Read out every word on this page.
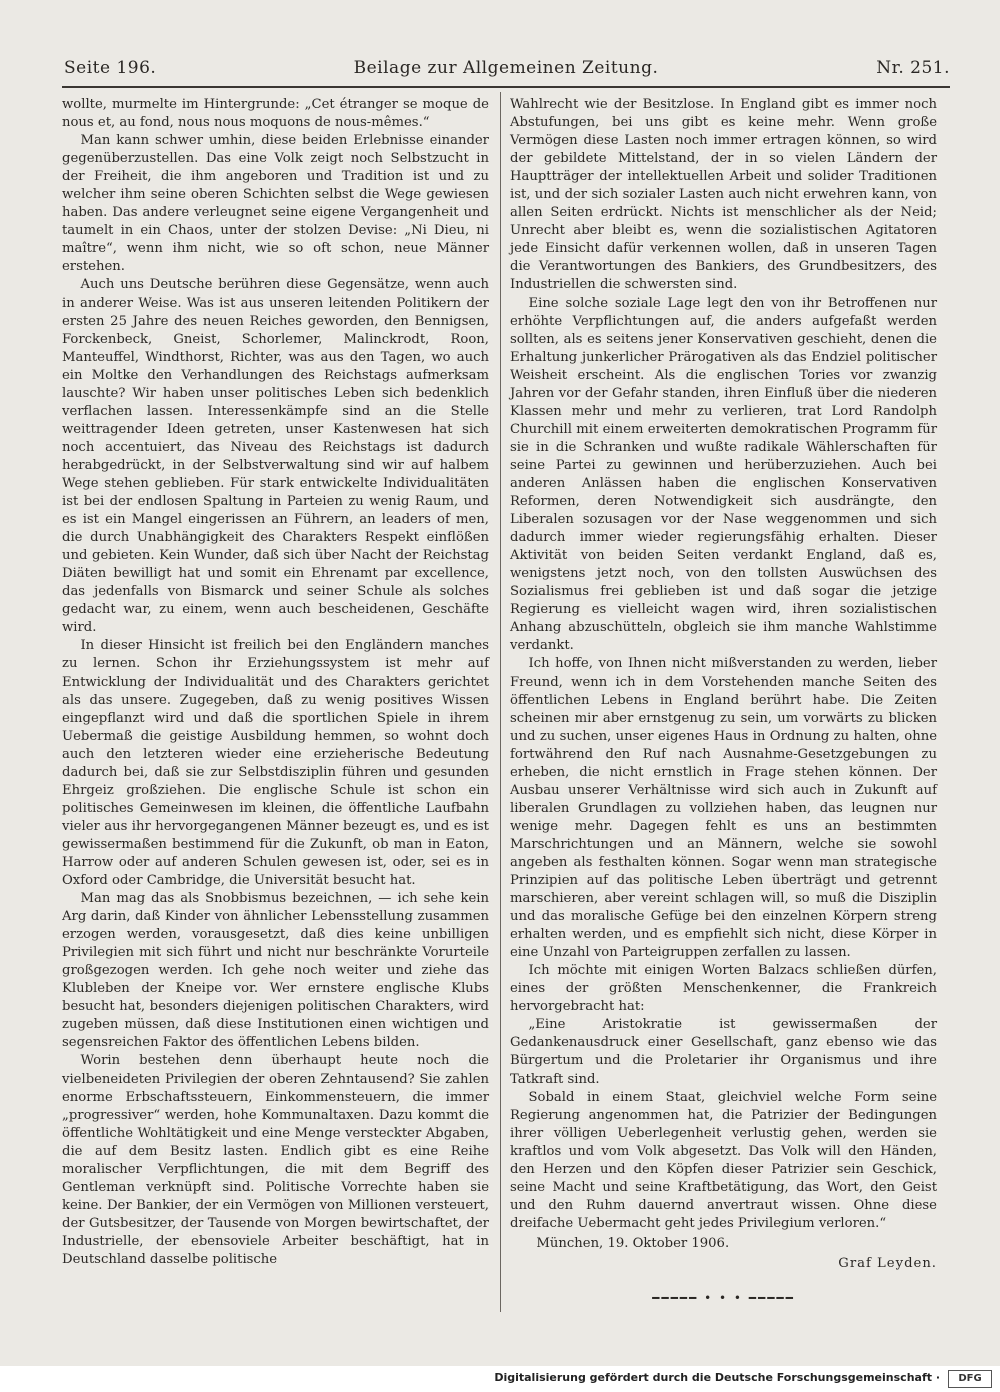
Seite 196.	Beilage zur Allgemeinen Zeitung.	Nr. 251.

wollte, murmelte im Hintergrunde: „Cet étranger se moque de nous et, au fond, nous nous moquons de nous-mêmes.“

Man kann schwer umhin, diese beiden Erlebnisse einander gegenüberzustellen. Das eine Volk zeigt noch Selbstzucht in der Freiheit, die ihm angeboren und Tradition ist und zu welcher ihm seine oberen Schichten selbst die Wege gewiesen haben. Das andere verleugnet seine eigene Vergangenheit und taumelt in ein Chaos, unter der stolzen Devise: „Ni Dieu, ni maître“, wenn ihm nicht, wie so oft schon, neue Männer erstehen.

Auch uns Deutsche berühren diese Gegensätze, wenn auch in anderer Weise. Was ist aus unseren leitenden Politikern der ersten 25 Jahre des neuen Reiches geworden, den Bennigsen, Forckenbeck, Gneist, Schorlemer, Malinckrodt, Roon, Manteuffel, Windthorst, Richter, was aus den Tagen, wo auch ein Moltke den Verhandlungen des Reichstags aufmerksam lauschte? Wir haben unser politisches Leben sich bedenklich verflachen lassen. Interessenkämpfe sind an die Stelle weittragender Ideen getreten, unser Kastenwesen hat sich noch accentuiert, das Niveau des Reichstags ist dadurch herabgedrückt, in der Selbstverwaltung sind wir auf halbem Wege stehen geblieben. Für stark entwickelte Individualitäten ist bei der endlosen Spaltung in Parteien zu wenig Raum, und es ist ein Mangel eingerissen an Führern, an leaders of men, die durch Unabhängigkeit des Charakters Respekt einflößen und gebieten. Kein Wunder, daß sich über Nacht der Reichstag Diäten bewilligt hat und somit ein Ehrenamt par excellence, das jedenfalls von Bismarck und seiner Schule als solches gedacht war, zu einem, wenn auch bescheidenen, Geschäfte wird.

In dieser Hinsicht ist freilich bei den Engländern manches zu lernen. Schon ihr Erziehungssystem ist mehr auf Entwicklung der Individualität und des Charakters gerichtet als das unsere. Zugegeben, daß zu wenig positives Wissen eingepflanzt wird und daß die sportlichen Spiele in ihrem Uebermaß die geistige Ausbildung hemmen, so wohnt doch auch den letzteren wieder eine erzieherische Bedeutung dadurch bei, daß sie zur Selbstdisziplin führen und gesunden Ehrgeiz großziehen. Die englische Schule ist schon ein politisches Gemeinwesen im kleinen, die öffentliche Laufbahn vieler aus ihr hervorgegangenen Männer bezeugt es, und es ist gewissermaßen bestimmend für die Zukunft, ob man in Eaton, Harrow oder auf anderen Schulen gewesen ist, oder, sei es in Oxford oder Cambridge, die Universität besucht hat.

Man mag das als Snobbismus bezeichnen, — ich sehe kein Arg darin, daß Kinder von ähnlicher Lebensstellung zusammen erzogen werden, vorausgesetzt, daß dies keine unbilligen Privilegien mit sich führt und nicht nur beschränkte Vorurteile großgezogen werden. Ich gehe noch weiter und ziehe das Klubleben der Kneipe vor. Wer ernstere englische Klubs besucht hat, besonders diejenigen politischen Charakters, wird zugeben müssen, daß diese Institutionen einen wichtigen und segensreichen Faktor des öffentlichen Lebens bilden.

Worin bestehen denn überhaupt heute noch die vielbeneideten Privilegien der oberen Zehntausend? Sie zahlen enorme Erbschaftssteuern, Einkommensteuern, die immer „progressiver“ werden, hohe Kommunaltaxen. Dazu kommt die öffentliche Wohltätigkeit und eine Menge versteckter Abgaben, die auf dem Besitz lasten. Endlich gibt es eine Reihe moralischer Verpflichtungen, die mit dem Begriff des Gentleman verknüpft sind. Politische Vorrechte haben sie keine. Der Bankier, der ein Vermögen von Millionen versteuert, der Gutsbesitzer, der Tausende von Morgen bewirtschaftet, der Industrielle, der ebensoviele Arbeiter beschäftigt, hat in Deutschland dasselbe politische

Wahlrecht wie der Besitzlose. In England gibt es immer noch Abstufungen, bei uns gibt es keine mehr. Wenn große Vermögen diese Lasten noch immer ertragen können, so wird der gebildete Mittelstand, der in so vielen Ländern der Hauptträger der intellektuellen Arbeit und solider Traditionen ist, und der sich sozialer Lasten auch nicht erwehren kann, von allen Seiten erdrückt. Nichts ist menschlicher als der Neid; Unrecht aber bleibt es, wenn die sozialistischen Agitatoren jede Einsicht dafür verkennen wollen, daß in unseren Tagen die Verantwortungen des Bankiers, des Grundbesitzers, des Industriellen die schwersten sind.

Eine solche soziale Lage legt den von ihr Betroffenen nur erhöhte Verpflichtungen auf, die anders aufgefaßt werden sollten, als es seitens jener Konservativen geschieht, denen die Erhaltung junkerlicher Prärogativen als das Endziel politischer Weisheit erscheint. Als die englischen Tories vor zwanzig Jahren vor der Gefahr standen, ihren Einfluß über die niederen Klassen mehr und mehr zu verlieren, trat Lord Randolph Churchill mit einem erweiterten demokratischen Programm für sie in die Schranken und wußte radikale Wählerschaften für seine Partei zu gewinnen und herüberzuziehen. Auch bei anderen Anlässen haben die englischen Konservativen Reformen, deren Notwendigkeit sich ausdrängte, den Liberalen sozusagen vor der Nase weggenommen und sich dadurch immer wieder regierungsfähig erhalten. Dieser Aktivität von beiden Seiten verdankt England, daß es, wenigstens jetzt noch, von den tollsten Auswüchsen des Sozialismus frei geblieben ist und daß sogar die jetzige Regierung es vielleicht wagen wird, ihren sozialistischen Anhang abzuschütteln, obgleich sie ihm manche Wahlstimme verdankt.

Ich hoffe, von Ihnen nicht mißverstanden zu werden, lieber Freund, wenn ich in dem Vorstehenden manche Seiten des öffentlichen Lebens in England berührt habe. Die Zeiten scheinen mir aber ernstgenug zu sein, um vorwärts zu blicken und zu suchen, unser eigenes Haus in Ordnung zu halten, ohne fortwährend den Ruf nach Ausnahme-Gesetzgebungen zu erheben, die nicht ernstlich in Frage stehen können. Der Ausbau unserer Verhältnisse wird sich auch in Zukunft auf liberalen Grundlagen zu vollziehen haben, das leugnen nur wenige mehr. Dagegen fehlt es uns an bestimmten Marschrichtungen und an Männern, welche sie sowohl angeben als festhalten können. Sogar wenn man strategische Prinzipien auf das politische Leben überträgt und getrennt marschieren, aber vereint schlagen will, so muß die Disziplin und das moralische Gefüge bei den einzelnen Körpern streng erhalten werden, und es empfiehlt sich nicht, diese Körper in eine Unzahl von Parteigruppen zerfallen zu lassen.

Ich möchte mit einigen Worten Balzacs schließen dürfen, eines der größten Menschenkenner, die Frankreich hervorgebracht hat:

„Eine Aristokratie ist gewissermaßen der Gedankenausdruck einer Gesellschaft, ganz ebenso wie das Bürgertum und die Proletarier ihr Organismus und ihre Tatkraft sind.

Sobald in einem Staat, gleichviel welche Form seine Regierung angenommen hat, die Patrizier der Bedingungen ihrer völligen Ueberlegenheit verlustig gehen, werden sie kraftlos und vom Volk abgesetzt. Das Volk will den Händen, den Herzen und den Köpfen dieser Patrizier sein Geschick, seine Macht und seine Kraftbetätigung, das Wort, den Geist und den Ruhm dauernd anvertraut wissen. Ohne diese dreifache Uebermacht geht jedes Privilegium verloren.“

München, 19. Oktober 1906.

Graf Leyden.

━━━━━ • • • ━━━━━
Digitalisierung gefördert durch die Deutsche Forschungsgemeinschaft ·	DFG
